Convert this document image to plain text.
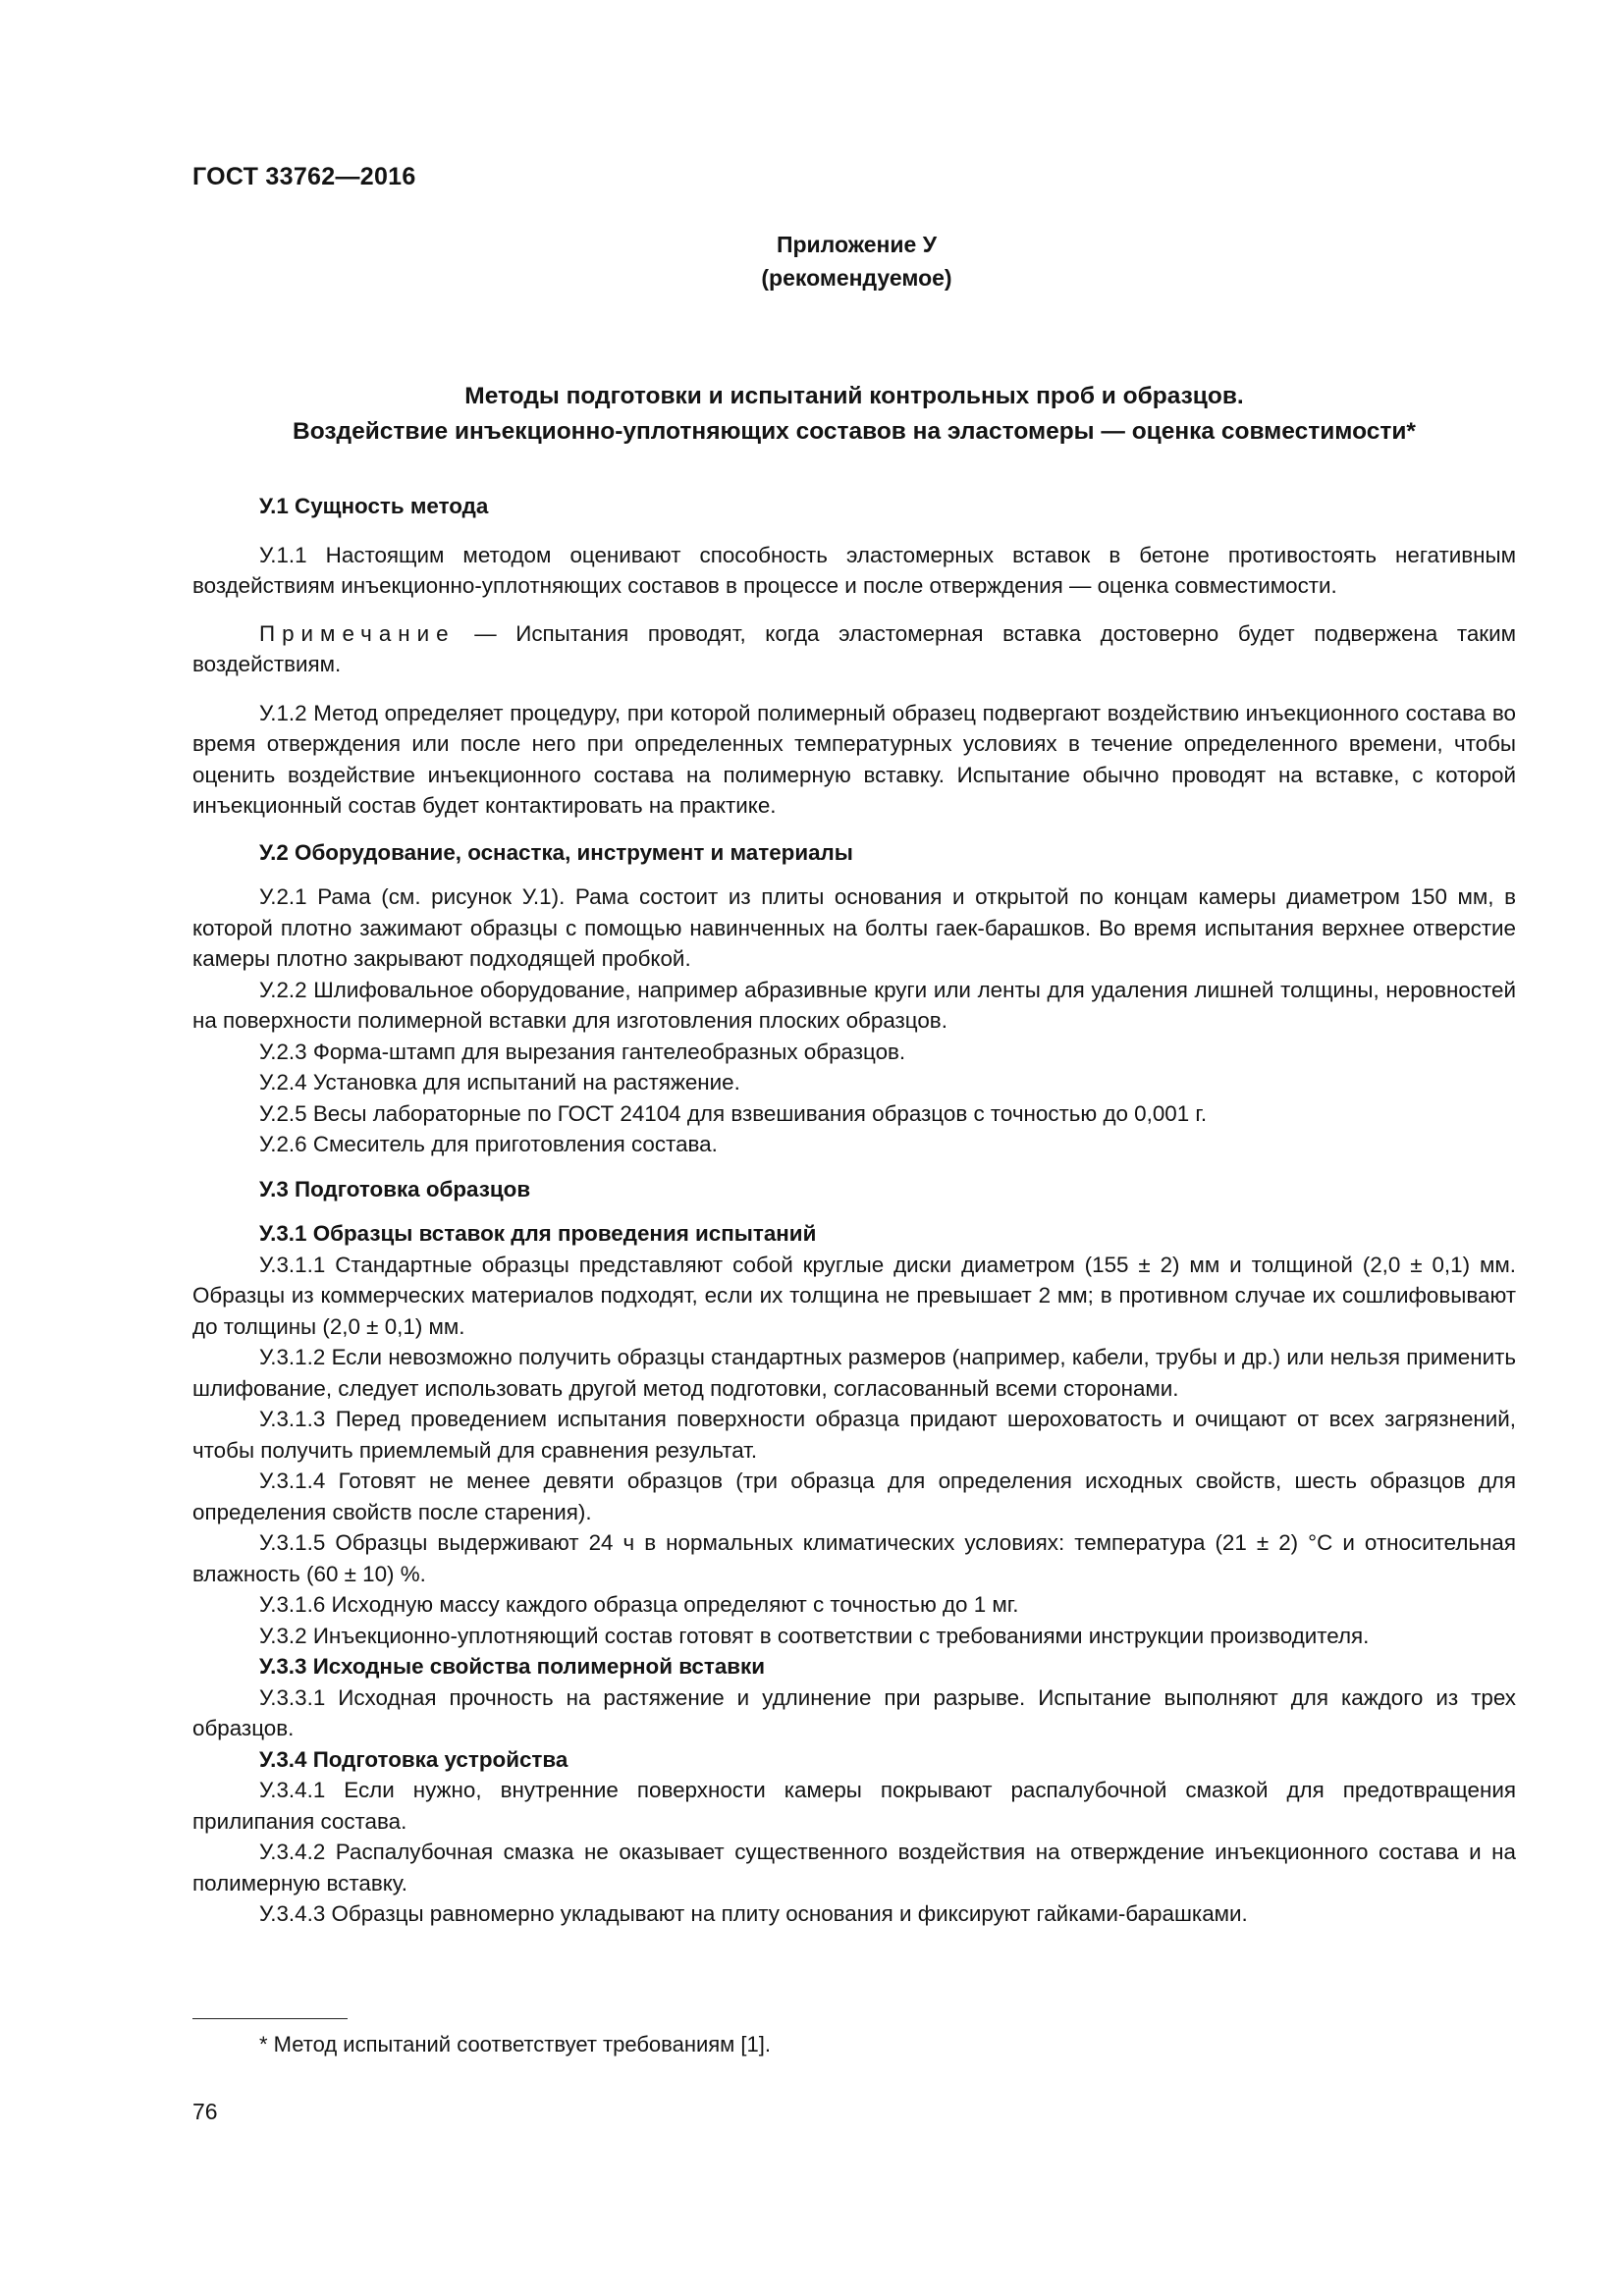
ГОСТ 33762—2016
Приложение У
(рекомендуемое)
Методы подготовки и испытаний контрольных проб и образцов.
Воздействие инъекционно-уплотняющих составов на эластомеры — оценка совместимости*

У.1 Сущность метода

У.1.1 Настоящим методом оценивают способность эластомерных вставок в бетоне противостоять негативным воздействиям инъекционно-уплотняющих составов в процессе и после отверждения — оценка совместимости.

Примечание — Испытания проводят, когда эластомерная вставка достоверно будет подвержена таким воздействиям.

У.1.2 Метод определяет процедуру, при которой полимерный образец подвергают воздействию инъекционного состава во время отверждения или после него при определенных температурных условиях в течение определенного времени, чтобы оценить воздействие инъекционного состава на полимерную вставку. Испытание обычно проводят на вставке, с которой инъекционный состав будет контактировать на практике.

У.2 Оборудование, оснастка, инструмент и материалы

У.2.1 Рама (см. рисунок У.1). Рама состоит из плиты основания и открытой по концам камеры диаметром 150 мм, в которой плотно зажимают образцы с помощью навинченных на болты гаек-барашков. Во время испытания верхнее отверстие камеры плотно закрывают подходящей пробкой.

У.2.2 Шлифовальное оборудование, например абразивные круги или ленты для удаления лишней толщины, неровностей на поверхности полимерной вставки для изготовления плоских образцов.

У.2.3 Форма-штамп для вырезания гантелеобразных образцов.

У.2.4 Установка для испытаний на растяжение.

У.2.5 Весы лабораторные по ГОСТ 24104 для взвешивания образцов с точностью до 0,001 г.

У.2.6 Смеситель для приготовления состава.

У.3 Подготовка образцов

У.3.1 Образцы вставок для проведения испытаний

У.3.1.1 Стандартные образцы представляют собой круглые диски диаметром (155 ± 2) мм и толщиной (2,0 ± 0,1) мм. Образцы из коммерческих материалов подходят, если их толщина не превышает 2 мм; в противном случае их сошлифовывают до толщины (2,0 ± 0,1) мм.

У.3.1.2 Если невозможно получить образцы стандартных размеров (например, кабели, трубы и др.) или нельзя применить шлифование, следует использовать другой метод подготовки, согласованный всеми сторонами.

У.3.1.3 Перед проведением испытания поверхности образца придают шероховатость и очищают от всех загрязнений, чтобы получить приемлемый для сравнения результат.

У.3.1.4 Готовят не менее девяти образцов (три образца для определения исходных свойств, шесть образцов для определения свойств после старения).

У.3.1.5 Образцы выдерживают 24 ч в нормальных климатических условиях: температура (21 ± 2) °С и относительная влажность (60 ± 10) %.

У.3.1.6 Исходную массу каждого образца определяют с точностью до 1 мг.

У.3.2 Инъекционно-уплотняющий состав готовят в соответствии с требованиями инструкции производителя.

У.3.3 Исходные свойства полимерной вставки

У.3.3.1 Исходная прочность на растяжение и удлинение при разрыве. Испытание выполняют для каждого из трех образцов.

У.3.4 Подготовка устройства

У.3.4.1 Если нужно, внутренние поверхности камеры покрывают распалубочной смазкой для предотвращения прилипания состава.

У.3.4.2 Распалубочная смазка не оказывает существенного воздействия на отверждение инъекционного состава и на полимерную вставку.

У.3.4.3 Образцы равномерно укладывают на плиту основания и фиксируют гайками-барашками.

* Метод испытаний соответствует требованиям [1].
76
